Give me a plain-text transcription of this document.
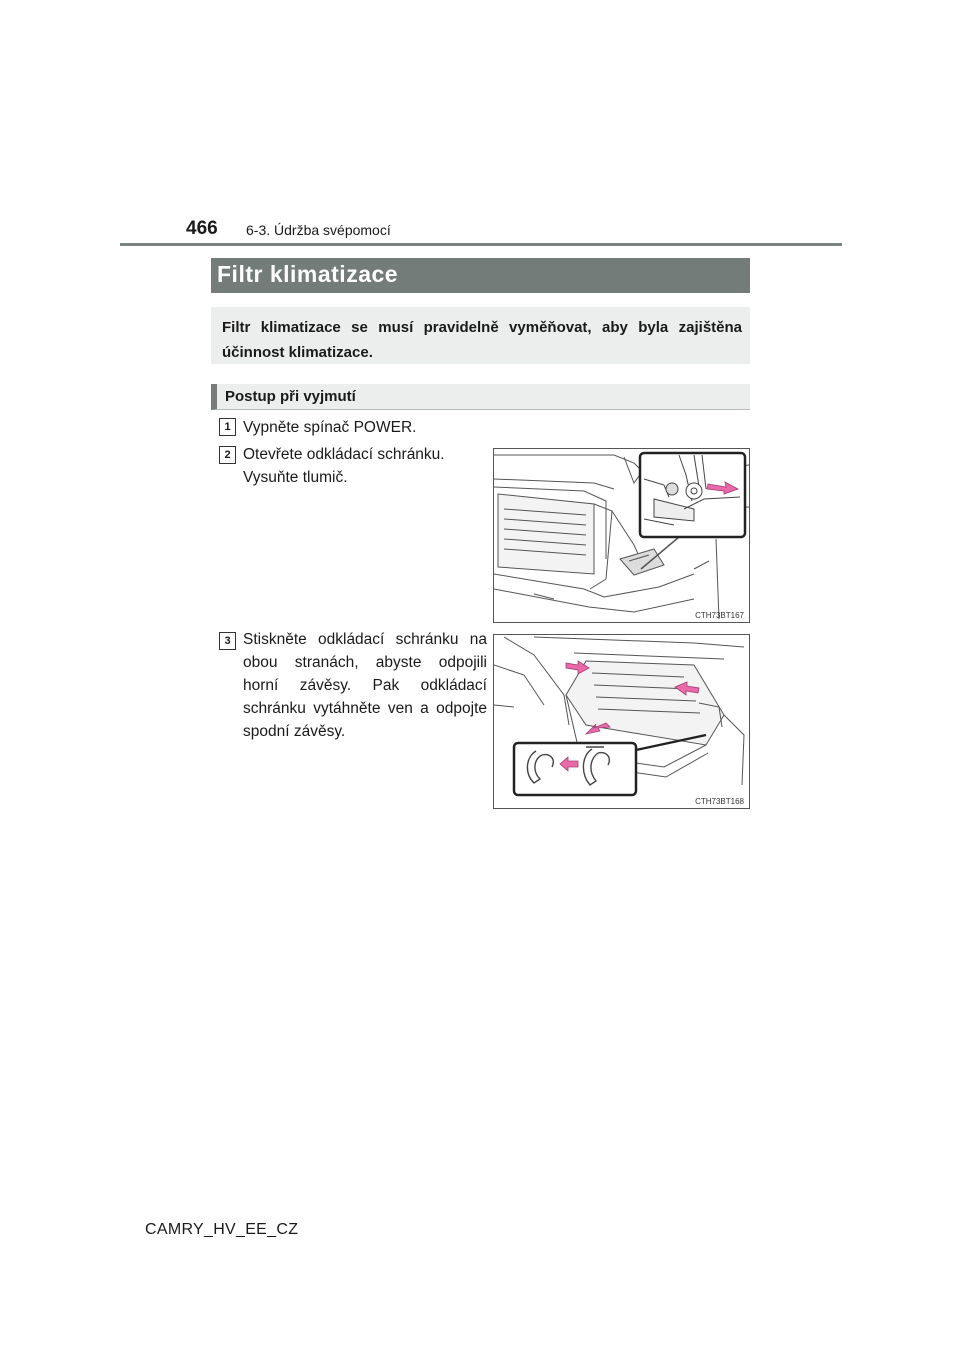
466 6-3. Údržba svépomocí
Filtr klimatizace
Filtr klimatizace se musí pravidelně vyměňovat, aby byla zajištěna účinnost klimatizace.
Postup při vyjmutí
1 Vypněte spínač POWER.
2 Otevřete odkládací schránku.
Vysuňte tlumič.
CTH73BT167
3 Stiskněte odkládací schránku na obou stranách, abyste odpojili horní závěsy. Pak odkládací schránku vytáhněte ven a odpojte spodní závěsy.
CTH73BT168
CAMRY_HV_EE_CZ
